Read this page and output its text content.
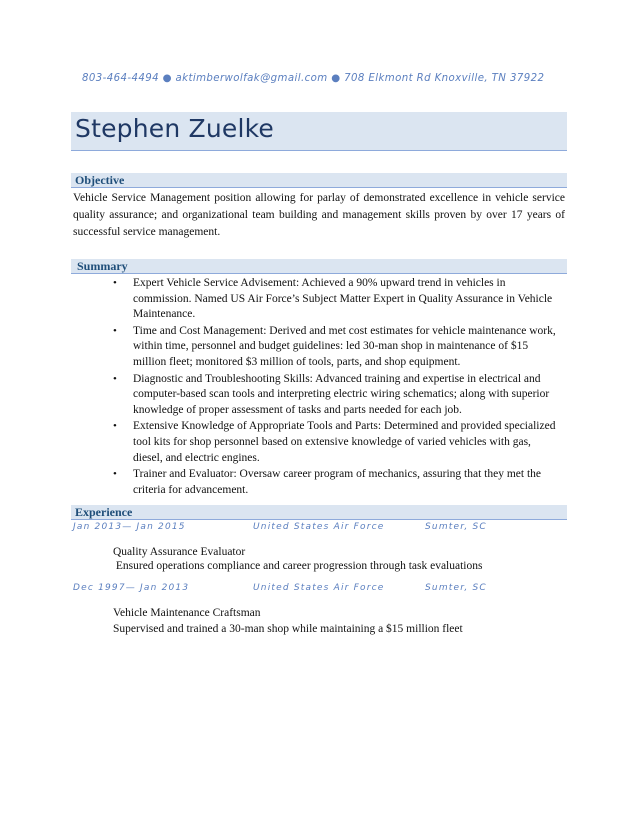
803-464-4494 ● aktimberwolfak@gmail.com ● 708 Elkmont Rd Knoxville, TN 37922
Stephen Zuelke
Objective
Vehicle Service Management position allowing for parlay of demonstrated excellence in vehicle service quality assurance; and organizational team building and management skills proven by over 17 years of successful service management.
Summary
• Expert Vehicle Service Advisement: Achieved a 90% upward trend in vehicles in commission. Named US Air Force’s Subject Matter Expert in Quality Assurance in Vehicle Maintenance.
• Time and Cost Management: Derived and met cost estimates for vehicle maintenance work, within time, personnel and budget guidelines: led 30-man shop in maintenance of $15 million fleet; monitored $3 million of tools, parts, and shop equipment.
• Diagnostic and Troubleshooting Skills: Advanced training and expertise in electrical and computer-based scan tools and interpreting electric wiring schematics; along with superior knowledge of proper assessment of tasks and parts needed for each job.
• Extensive Knowledge of Appropriate Tools and Parts: Determined and provided specialized tool kits for shop personnel based on extensive knowledge of varied vehicles with gas, diesel, and electric engines.
• Trainer and Evaluator: Oversaw career program of mechanics, assuring that they met the criteria for advancement.
Experience
Jan 2013— Jan 2015	United States Air Force	Sumter, SC
Quality Assurance Evaluator
Ensured operations compliance and career progression through task evaluations
Dec 1997— Jan 2013	United States Air Force	Sumter, SC
Vehicle Maintenance Craftsman
Supervised and trained a 30-man shop while maintaining a $15 million fleet
